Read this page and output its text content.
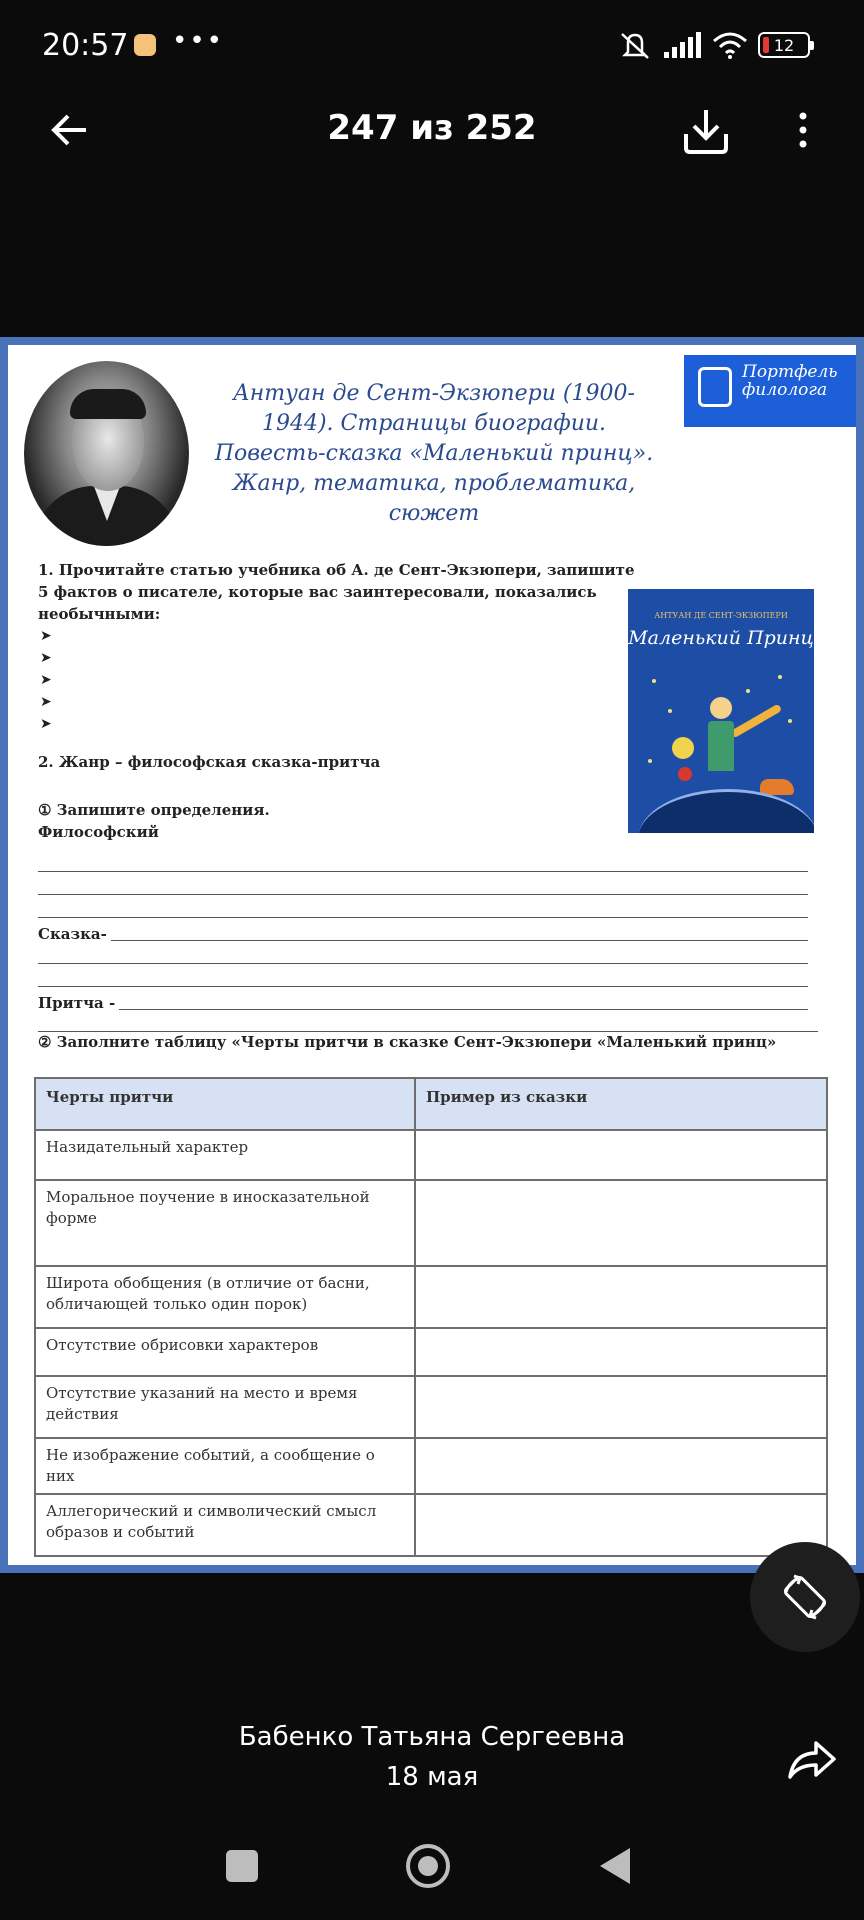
20:57 •••	12
247 из 252
Антуан де Сент-Экзюпери (1900-1944). Страницы биографии. Повесть-сказка «Маленький принц». Жанр, тематика, проблематика, сюжет
Портфель филолога
1. Прочитайте статью учебника об А. де Сент-Экзюпери, запишите 5 фактов о писателе, которые вас заинтересовали, показались необычными:
➤
➤
➤
➤
➤
АНТУАН ДЕ СЕНТ-ЭКЗЮПЕРИ
Маленький Принц
2. Жанр – философская сказка-притча
① Запишите определения.
Философский
Сказка-
Притча -
② Заполните таблицу «Черты притчи в сказке Сент-Экзюпери «Маленький принц»
Черты притчи	Пример из сказки
Назидательный характер	
Моральное поучение в иносказательной форме	
Широта обобщения (в отличие от басни, обличающей только один порок)	
Отсутствие обрисовки характеров	
Отсутствие указаний на место и время действия	
Не изображение событий, а сообщение о них	
Аллегорический и символический смысл образов и событий	
Бабенко Татьяна Сергеевна
18 мая
